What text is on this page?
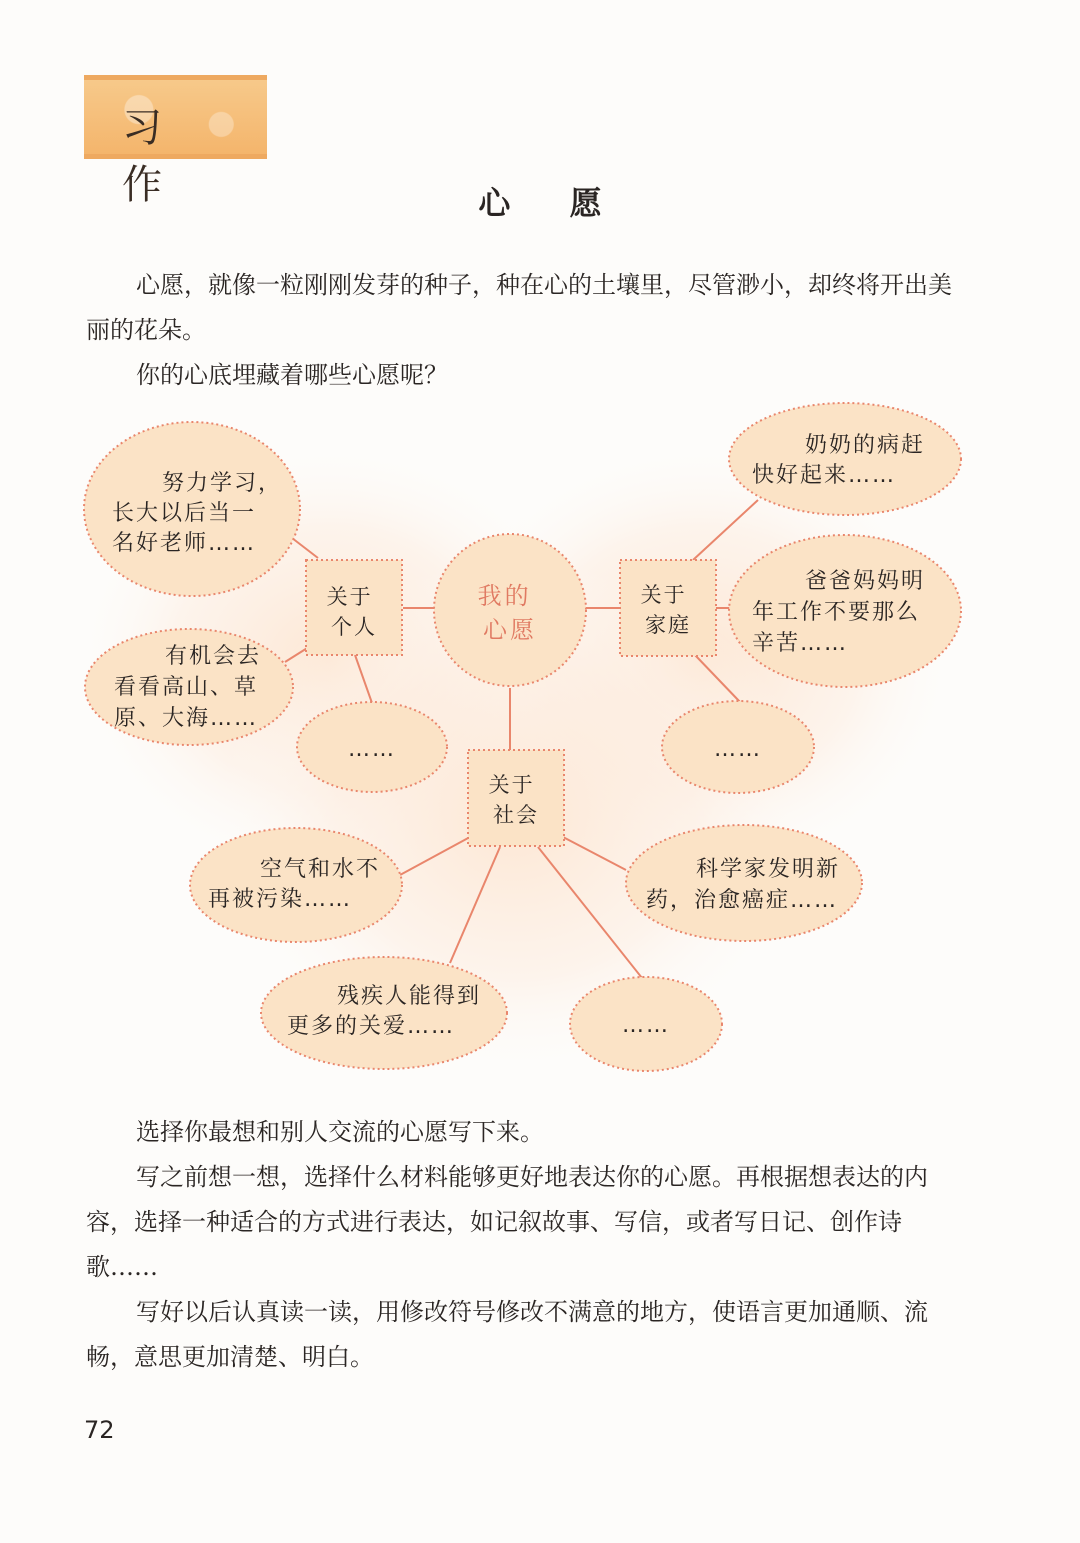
习 作	心 愿

心愿，就像一粒刚刚发芽的种子，种在心的土壤里，尽管渺小，却终将开出美丽的花朵。

你的心底埋藏着哪些心愿呢？

我的 心愿
关于 个人
关于 家庭
关于 社会
努力学习， 长大以后当一 名好老师……
有机会去 看看高山、草 原、大海……
……
奶奶的病赶 快好起来……
爸爸妈妈明 年工作不要那么 辛苦……
……
空气和水不 再被污染……
残疾人能得到 更多的关爱……	……
科学家发明新 药，治愈癌症……

选择你最想和别人交流的心愿写下来。

写之前想一想，选择什么材料能够更好地表达你的心愿。再根据想表达的内容，选择一种适合的方式进行表达，如记叙故事、写信，或者写日记、创作诗歌……

写好以后认真读一读，用修改符号修改不满意的地方，使语言更加通顺、流畅，意思更加清楚、明白。

72
